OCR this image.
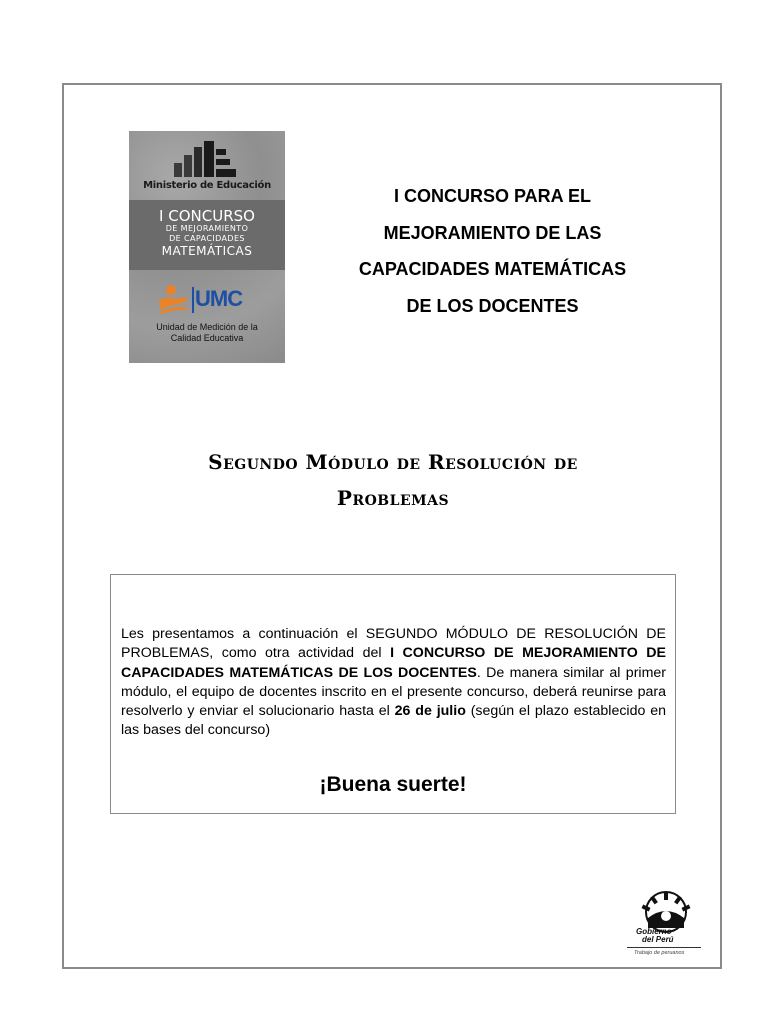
Ministerio de Educación
I CONCURSO
DE MEJORAMIENTO
DE CAPACIDADES
MATEMÁTICAS
UMC
Unidad de Medición de la
Calidad Educativa
I CONCURSO PARA EL
MEJORAMIENTO DE LAS
CAPACIDADES MATEMÁTICAS
DE LOS DOCENTES
Segundo Módulo de Resolución de
Problemas
Les presentamos a continuación el SEGUNDO MÓDULO DE RESOLUCIÓN DE PROBLEMAS, como otra actividad del I CONCURSO DE MEJORAMIENTO DE CAPACIDADES MATEMÁTICAS DE LOS DOCENTES. De manera similar al primer módulo, el equipo de docentes inscrito en el presente concurso, deberá reunirse para resolverlo y enviar el solucionario hasta el 26 de julio (según el plazo establecido en las bases del concurso)
¡Buena suerte!
Gobierno
del Perú
Trabajo de peruanos
